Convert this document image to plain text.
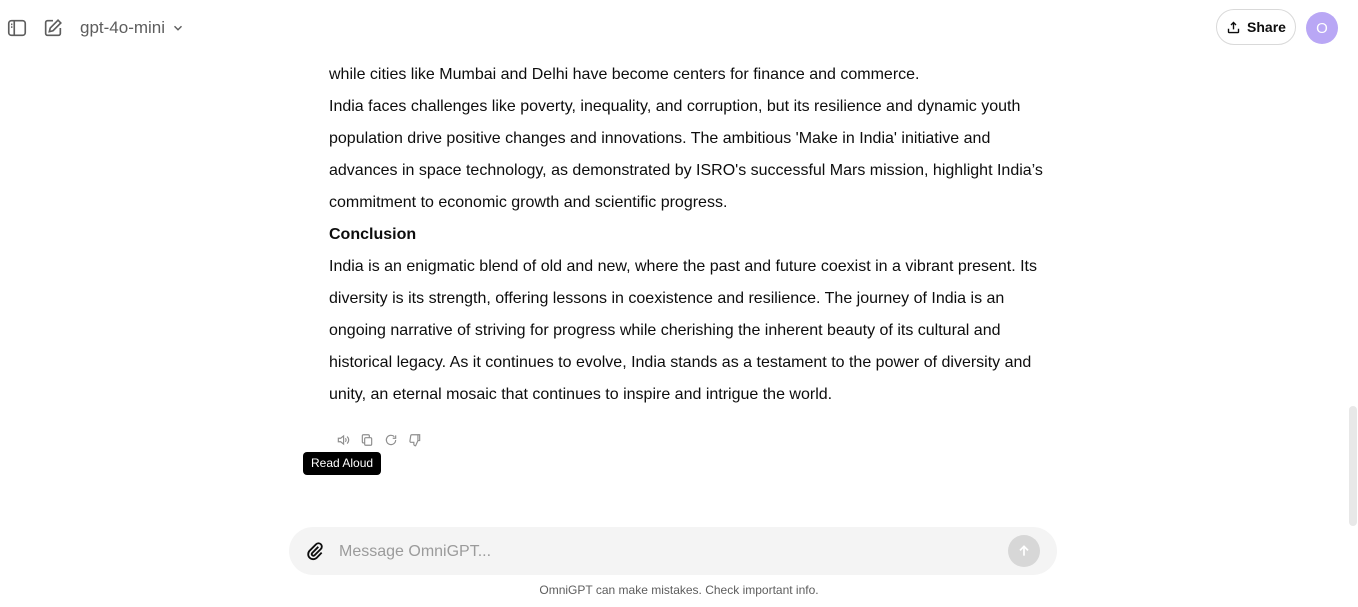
gpt-4o-mini	Share	O

while cities like Mumbai and Delhi have become centers for finance and commerce.

India faces challenges like poverty, inequality, and corruption, but its resilience and dynamic youth population drive positive changes and innovations. The ambitious 'Make in India' initiative and advances in space technology, as demonstrated by ISRO's successful Mars mission, highlight India’s commitment to economic growth and scientific progress.

Conclusion

India is an enigmatic blend of old and new, where the past and future coexist in a vibrant present. Its diversity is its strength, offering lessons in coexistence and resilience. The journey of India is an ongoing narrative of striving for progress while cherishing the inherent beauty of its cultural and historical legacy. As it continues to evolve, India stands as a testament to the power of diversity and unity, an eternal mosaic that continues to inspire and intrigue the world.

Read Aloud
Message OmniGPT...
OmniGPT can make mistakes. Check important info.
